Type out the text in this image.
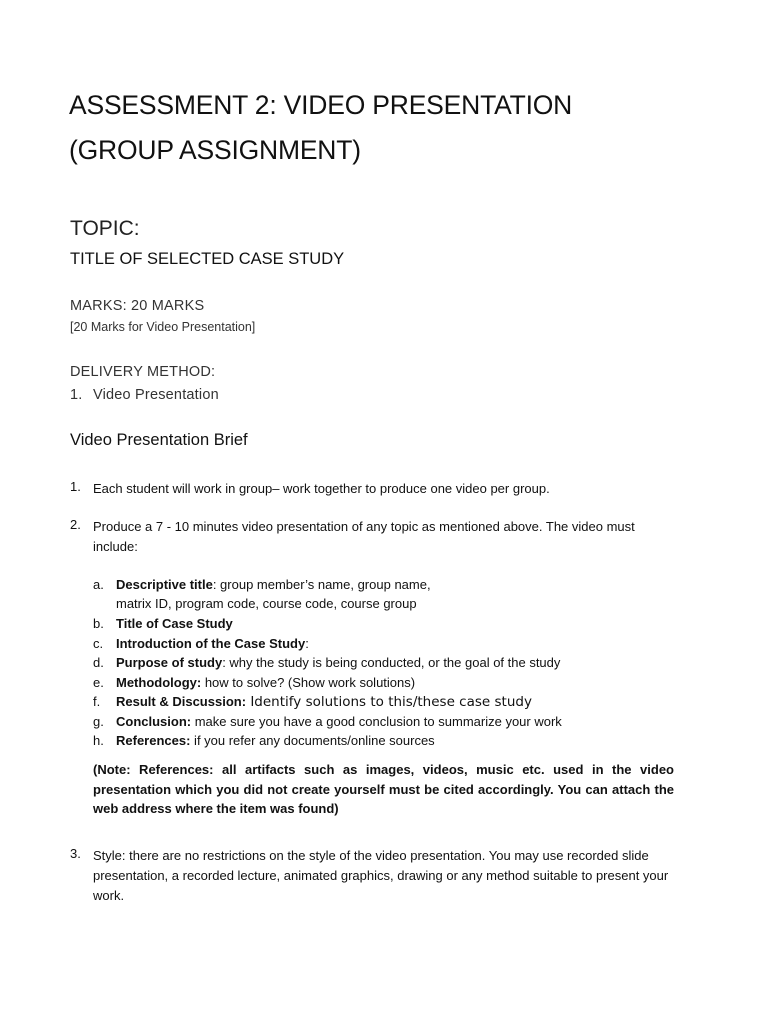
ASSESSMENT 2: VIDEO PRESENTATION
(GROUP ASSIGNMENT)
TOPIC:
TITLE OF SELECTED CASE STUDY
MARKS: 20 MARKS
[20 Marks for Video Presentation]
DELIVERY METHOD:
1. Video Presentation
Video Presentation Brief
1. Each student will work in group– work together to produce one video per group.
2. Produce a 7 - 10 minutes video presentation of any topic as mentioned above. The video must include:
a. Descriptive title: group member’s name, group name,
matrix ID, program code, course code, course group
b. Title of Case Study
c. Introduction of the Case Study:
d. Purpose of study: why the study is being conducted, or the goal of the study
e. Methodology: how to solve? (Show work solutions)
f. Result & Discussion: Identify solutions to this/these case study
g. Conclusion: make sure you have a good conclusion to summarize your work
h. References: if you refer any documents/online sources
(Note: References: all artifacts such as images, videos, music etc. used in the video presentation which you did not create yourself must be cited accordingly. You can attach the web address where the item was found)
3. Style: there are no restrictions on the style of the video presentation. You may use recorded slide presentation, a recorded lecture, animated graphics, drawing or any method suitable to present your work.
